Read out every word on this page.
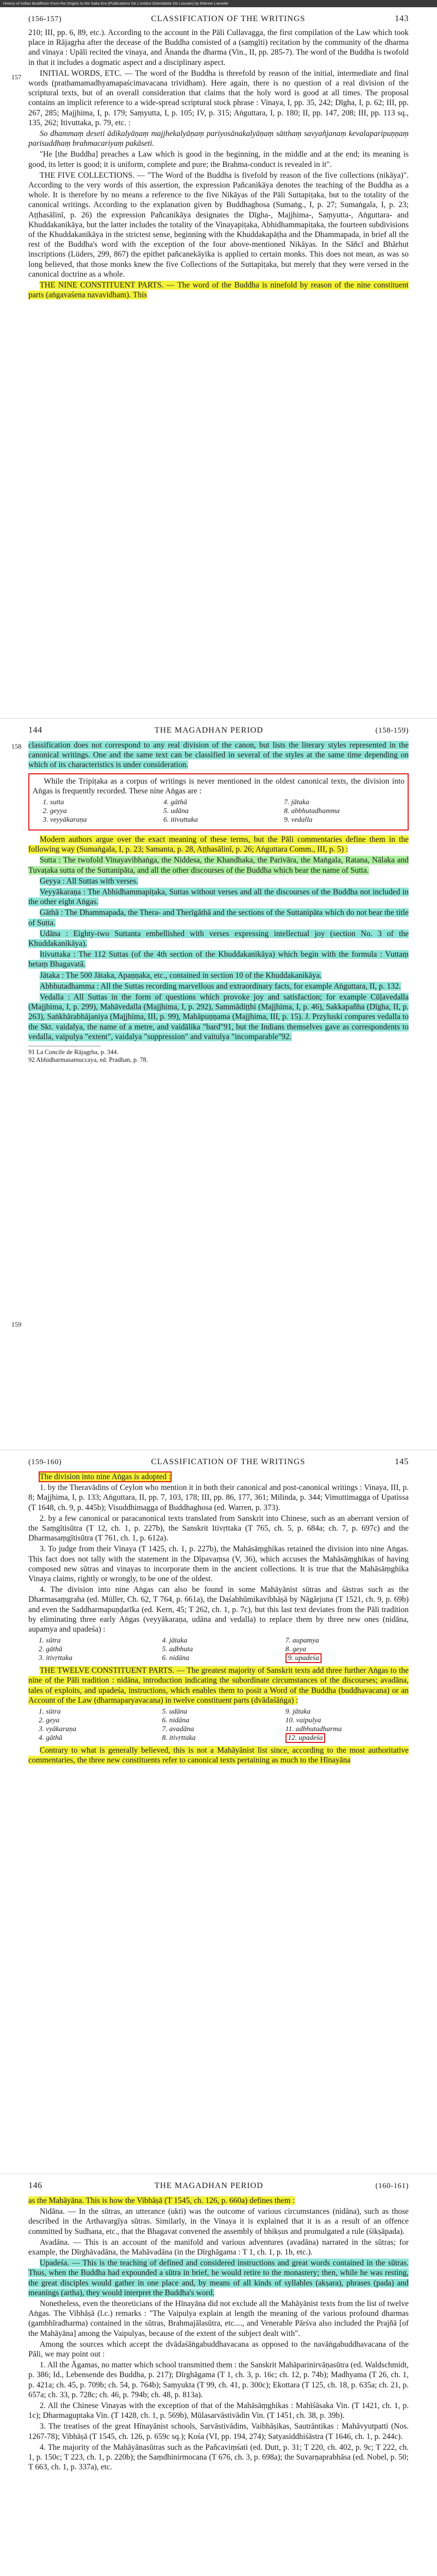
History of Indian Buddhism From the Origins to the Saka Era (Publications De L'institut Orientaliste De Louvain) by Etienne Lamotte
(156-157)	CLASSIFICATION OF THE WRITINGS	143
157

210; III, pp. 6, 89, etc.). According to the account in the Pāli Cullavagga, the first compilation of the Law which took place in Rājagṛha after the decease of the Buddha consisted of a (saṃgīti) recitation by the community of the dharma and vinaya : Upāli recited the vinaya, and Ānanda the dharma (Vin., II, pp. 285-7). The word of the Buddha is twofold in that it includes a dogmatic aspect and a disciplinary aspect.

INITIAL WORDS, ETC. — The word of the Buddha is threefold by reason of the initial, intermediate and final words (prathamamadhyamapaścimavacana trividham). Here again, there is no question of a real division of the scriptural texts, but of an overall consideration that claims that the holy word is good at all times. The proposal contains an implicit reference to a wide-spread scriptural stock phrase : Vinaya, I, pp. 35, 242; Dīgha, I, p. 62; III, pp. 267, 285; Majjhima, I, p. 179; Saṃyutta, I, p. 105; IV, p. 315; Aṅguttara, I, p. 180; II, pp. 147, 208; III, pp. 113 sq., 135, 262; Itivuttaka, p. 79, etc. :

So dhammaṃ deseti ādikalyāṇaṃ majjhekalyāṇaṃ pariyosānakalyāṇaṃ sātthaṃ savyañjanaṃ kevalaparipuṇṇaṃ parisuddhaṃ brahmacariyaṃ pakāseti.

"He [the Buddha] preaches a Law which is good in the beginning, in the middle and at the end; its meaning is good, its letter is good; it is uniform, complete and pure; the Brahma-conduct is revealed in it".

THE FIVE COLLECTIONS. — "The Word of the Buddha is fivefold by reason of the five collections (nikāya)". According to the very words of this assertion, the expression Pañcanikāya denotes the teaching of the Buddha as a whole. It is therefore by no means a reference to the five Nikāyas of the Pāli Suttapiṭaka, but to the totality of the canonical writings. According to the explanation given by Buddhaghosa (Sumaṅg., I, p. 27; Sumaṅgala, I, p. 23; Aṭṭhasālinī, p. 26) the expression Pañcanikāya designates the Dīgha-, Majjhima-, Saṃyutta-, Aṅguttara- and Khuddakanikāya, but the latter includes the totality of the Vinayapiṭaka, Abhidhammapiṭaka, the fourteen subdivisions of the Khuddakanikāya in the strictest sense, beginning with the Khuddakapāṭha and the Dhammapada, in brief all the rest of the Buddha's word with the exception of the four above-mentioned Nikāyas. In the Sāñcī and Bhārhut inscriptions (Lüders, 299, 867) the epithet pañcanekāyika is applied to certain monks. This does not mean, as was so long believed, that those monks knew the five Collections of the Suttapiṭaka, but merely that they were versed in the canonical doctrine as a whole.

THE NINE CONSTITUENT PARTS. — The word of the Buddha is ninefold by reason of the nine constituent parts (aṅgavaśena navavidham). This

144	THE MAGADHAN PERIOD	(158-159)
158
159

classification does not correspond to any real division of the canon, but lists the literary styles represented in the canonical writings. One and the same text can be classified in several of the styles at the same time depending on which of its characteristics is under consideration.

While the Tripiṭaka as a corpus of writings is never mentioned in the oldest canonical texts, the division into Aṅgas is frequently recorded. These nine Aṅgas are :

1. sutta	4. gāthā	7. jātaka
2. geyya	5. udāna	8. abbhutadhamma
3. veyyākaraṇa	6. itivuttaka	9. vedalla

Modern authors argue over the exact meaning of these terms, but the Pāli commentaries define them in the following way (Sumaṅgala, I, p. 23; Samanta, p. 28, Aṭṭhasālinī, p. 26; Aṅguttara Comm., III, p. 5) :

Sutta : The twofold Vinayavibhaṅga, the Niddesa, the Khandhaka, the Parivāra, the Maṅgala, Ratana, Nālaka and Tuvaṭaka sutta of the Suttanipāta, and all the other discourses of the Buddha which bear the name of Sutta.

Geyya : All Suttas with verses.

Veyyākaraṇa : The Abhidhammapiṭaka, Suttas without verses and all the discourses of the Buddha not included in the other eight Aṅgas.

Gāthā : The Dhammapada, the Thera- and Therīgāthā and the sections of the Suttanipāta which do not bear the title of Sutta.

Udāna : Eighty-two Suttanta embellished with verses expressing intellectual joy (section No. 3 of the Khuddakanikāya).

Itivuttaka : The 112 Suttas (of the 4th section of the Khuddakanikāya) which begin with the formula : Vuttaṃ hetaṃ Bhagavatā.

Jātaka : The 500 Jātaka, Apaṇṇaka, etc., contained in section 10 of the Khuddakanikāya.

Abbhutadhamma : All the Suttas recording marvellous and extraordinary facts, for example Aṅguttara, II, p. 132.

Vedalla : All Suttas in the form of questions which provoke joy and satisfaction; for example Cūḷavedalla (Majjhima, I, p. 299), Mahāvedalla (Majjhima, I, p. 292), Sammādiṭṭhi (Majjhima, I, p. 46), Sakkapañha (Dīgha, II, p. 263), Saṅkhārabhājaniya (Majjhima, III, p. 99), Mahāpuṇṇama (Majjhima, III, p. 15). J. Przyluski compares vedalla to the Skt. vaidalya, the name of a metre, and vaidālika "bard"91, but the Indians themselves gave as correspondents to vedalla, vaipulya "extent", vaidalya "suppression" and vaitulya "incomparable"92.

91 La Concile de Rājagṛha, p. 344.
92 Abhidharmasamuccaya, ed. Pradhan, p. 78.
(159-160)	CLASSIFICATION OF THE WRITINGS	145

The division into nine Aṅgas is adopted :

1. by the Theravādins of Ceylon who mention it in both their canonical and post-canonical writings : Vinaya, III, p. 8; Majjhima, I, p. 133; Aṅguttara, II, pp. 7, 103, 178; III, pp. 86, 177, 361; Milinda, p. 344; Vimuttimagga of Upatissa (T 1648, ch. 9, p. 445b); Visuddhimagga of Buddhaghosa (ed. Warren, p. 373).

2. by a few canonical or paracanonical texts translated from Sanskrit into Chinese, such as an aberrant version of the Saṃgītisūtra (T 12, ch. 1, p. 227b), the Sanskrit Itivṛttaka (T 765, ch. 5, p. 684a; ch. 7, p. 697c) and the Dharmasaṃgītisūtra (T 761, ch. 1, p. 612a).

3. To judge from their Vinaya (T 1425, ch. 1, p. 227b), the Mahāsāṃghikas retained the division into nine Aṅgas. This fact does not tally with the statement in the Dīpavaṃsa (V, 36), which accuses the Mahāsāṃghikas of having composed new sūtras and vinayas to incorporate them in the ancient collections. It is true that the Mahāsāṃghika Vinaya claims, rightly or wrongly, to be one of the oldest.

4. The division into nine Aṅgas can also be found in some Mahāyānist sūtras and śāstras such as the Dharmasaṃgraha (ed. Müller, Ch. 62, T 764, p. 661a), the Daśabhūmikavibhāṣā by Nāgārjuna (T 1521, ch. 9, p. 69b) and even the Saddharmapuṇḍarīka (ed. Kern, 45; T 262, ch. 1, p. 7c), but this last text deviates from the Pāli tradition by eliminating three early Aṅgas (veyyākaraṇa, udāna and vedalla) to replace them by three new ones (nidāna, aupamya and upadeśa) :

1. sūtra	4. jātaka	7. aupamya
2. gāthā	5. adbhuta	8. geya
3. itivṛttaka	6. nidāna	9. upadeśa

THE TWELVE CONSTITUENT PARTS. — The greatest majority of Sanskrit texts add three further Aṅgas to the nine of the Pāli tradition : nidāna, introduction indicating the subordinate circumstances of the discourses; avadāna, tales of exploits, and upadeśa, instructions, which enables them to posit a Word of the Buddha (buddhavacana) or an Account of the Law (dharmaparyavacana) in twelve constituent parts (dvādaśāṅga) :

1. sūtra	5. udāna	9. jātaka
2. geya	6. nidāna	10. vaipulya
3. vyākaraṇa	7. avadāna	11. adbhutadharma
4. gāthā	8. itivṛttaka	12. upadeśa

Contrary to what is generally believed, this is not a Mahāyānist list since, according to the most authoritative commentaries, the three new constituents refer to canonical texts pertaining as much to the Hīnayāna

146	THE MAGADHAN PERIOD	(160-161)

as the Mahāyāna. This is how the Vibhāṣā (T 1545, ch. 126, p. 660a) defines them :

Nidāna. — In the sūtras, an utterance (ukti) was the outcome of various circumstances (nidāna), such as those described in the Arthavargīya sūtras. Similarly, in the Vinaya it is explained that it is as a result of an offence committed by Sudhana, etc., that the Bhagavat convened the assembly of bhikṣus and promulgated a rule (śikṣāpada).

Avadāna. — This is an account of the manifold and various adventures (avadāna) narrated in the sūtras; for example, the Dīrghāvadāna, the Mahāvadāna (in the Dīrghāgama : T 1, ch. 1, p. 1b, etc.).

Upadeśa. — This is the teaching of defined and considered instructions and great words contained in the sūtras. Thus, when the Buddha had expounded a sūtra in brief, he would retire to the monastery; then, while he was resting, the great disciples would gather in one place and, by means of all kinds of syllables (akṣara), phrases (pada) and meanings (artha), they would interpret the Buddha's word.

Nonetheless, even the theoreticians of the Hīnayāna did not exclude all the Mahāyānist texts from the list of twelve Aṅgas. The Vibhāṣā (l.c.) remarks : "The Vaipulya explain at length the meaning of the various profound dharmas (gambhīradharma) contained in the sūtras, Brahmajālasūtra, etc...., and Venerable Pārśva also included the Prajñā [of the Mahāyāna] among the Vaipulyas, because of the extent of the subject dealt with".

Among the sources which accept the dvādaśāṅgabuddhavacana as opposed to the navāṅgabuddhavacana of the Pāli, we may point out :

1. All the Āgamas, no matter which school transmitted them : the Sanskrit Mahāparinirvāṇasūtra (ed. Waldschmidt, p. 386; Id., Lebensende des Buddha, p. 217); Dīrghāgama (T 1, ch. 3, p. 16c; ch. 12, p. 74b); Madhyama (T 26, ch. 1, p. 421a; ch. 45, p. 709b; ch. 54, p. 764b); Saṃyukta (T 99, ch. 41, p. 300c); Ekottara (T 125, ch. 18, p. 635a; ch. 21, p. 657a; ch. 33, p. 728c; ch. 46, p. 794b; ch. 48, p. 813a).

2. All the Chinese Vinayas with the exception of that of the Mahāsāṃghikas : Mahīśāsaka Vin. (T 1421, ch. 1, p. 1c); Dharmaguptaka Vin. (T 1428, ch. 1, p. 569b), Mūlasarvāstivādin Vin. (T 1451, ch. 38, p. 39b).

3. The treatises of the great Hīnayānist schools, Sarvāstivādins, Vaibhāṣikas, Sautrāntikas : Mahāvyutpatti (Nos. 1267-78); Vibhāṣā (T 1545, ch. 126, p. 659c sq.); Kośa (VI, pp. 194, 274); Satyasiddhiśāstra (T 1646, ch. 1, p. 244c).

4. The majority of the Mahāyānasūtras such as the Pañcaviṃśati (ed. Dutt, p. 31; T 220, ch. 402, p. 9c; T 222, ch. 1, p. 150c; T 223, ch. 1, p. 220b); the Saṃdhinirmocana (T 676, ch. 3, p. 698a); the Suvarṇaprabhāsa (ed. Nobel, p. 50; T 663, ch. 1, p. 337a), etc.
